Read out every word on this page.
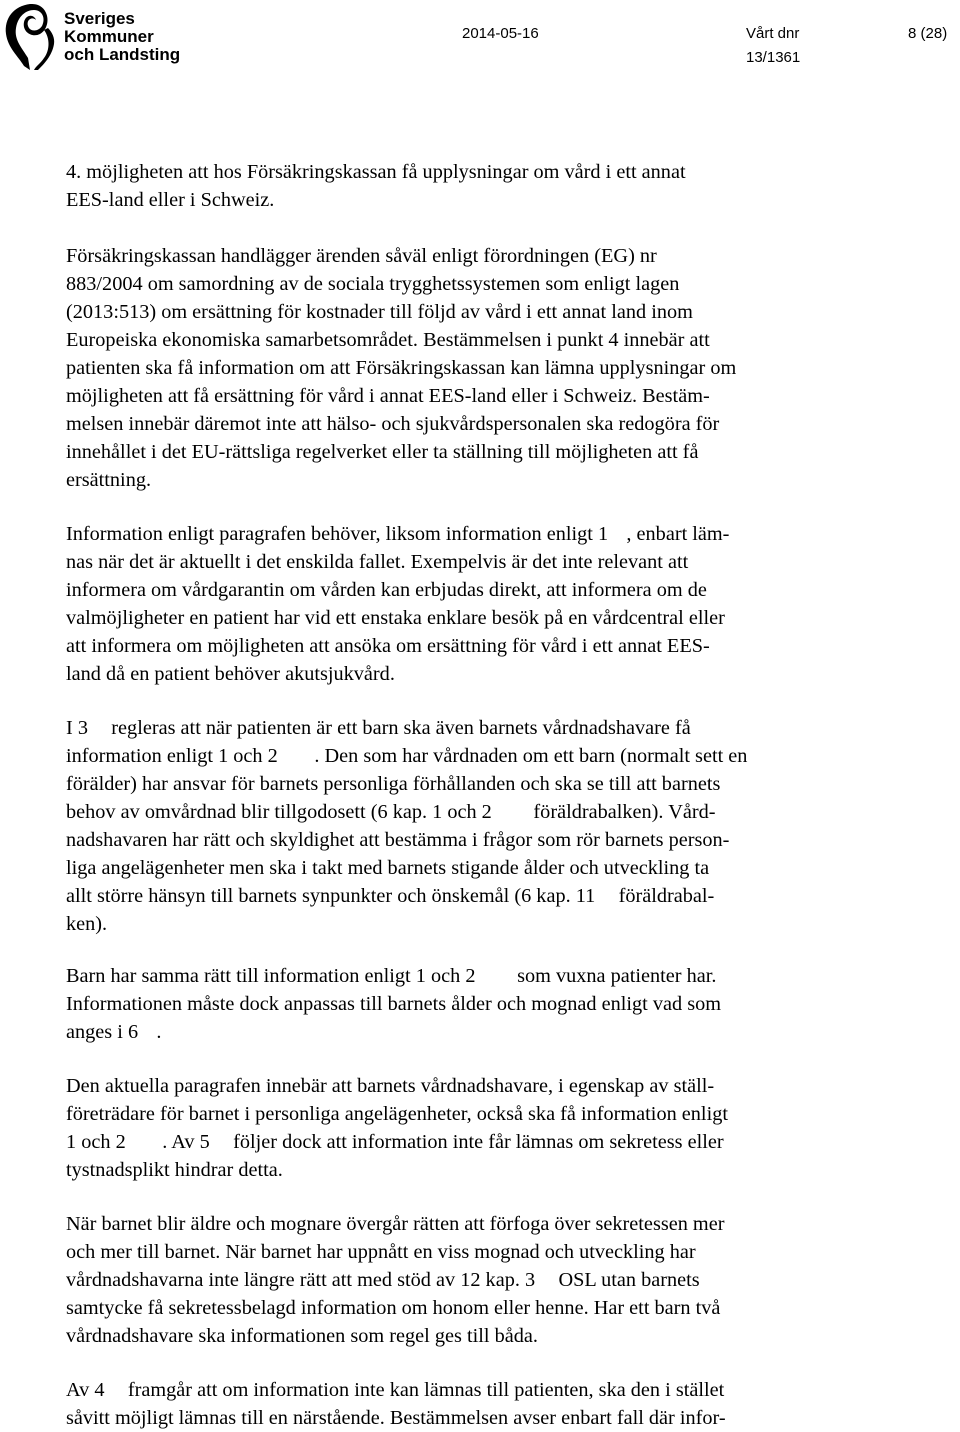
Sveriges
Kommuner
och Landsting
2014-05-16	Vårt dnr
13/1361
8 (28)
4. möjligheten att hos Försäkringskassan få upplysningar om vård i ett annat
EES-land eller i Schweiz.
Försäkringskassan handlägger ärenden såväl enligt förordningen (EG) nr
883/2004 om samordning av de sociala trygghetssystemen som enligt lagen
(2013:513) om ersättning för kostnader till följd av vård i ett annat land inom
Europeiska ekonomiska samarbetsområdet. Bestämmelsen i punkt 4 innebär att
patienten ska få information om att Försäkringskassan kan lämna upplysningar om
möjligheten att få ersättning för vård i annat EES-land eller i Schweiz. Bestäm-
melsen innebär däremot inte att hälso- och sjukvårdspersonalen ska redogöra för
innehållet i det EU-rättsliga regelverket eller ta ställning till möjligheten att få
ersättning.
Information enligt paragrafen behöver, liksom information enligt 1 , enbart läm-
nas när det är aktuellt i det enskilda fallet. Exempelvis är det inte relevant att
informera om vårdgarantin om vården kan erbjudas direkt, att informera om de
valmöjligheter en patient har vid ett enstaka enklare besök på en vårdcentral eller
att informera om möjligheten att ansöka om ersättning för vård i ett annat EES-
land då en patient behöver akutsjukvård.
I 3 regleras att när patienten är ett barn ska även barnets vårdnadshavare få
information enligt 1 och 2 . Den som har vårdnaden om ett barn (normalt sett en
förälder) har ansvar för barnets personliga förhållanden och ska se till att barnets
behov av omvårdnad blir tillgodosett (6 kap. 1 och 2 föräldrabalken). Vård-
nadshavaren har rätt och skyldighet att bestämma i frågor som rör barnets person-
liga angelägenheter men ska i takt med barnets stigande ålder och utveckling ta
allt större hänsyn till barnets synpunkter och önskemål (6 kap. 11 föräldrabal-
ken).
Barn har samma rätt till information enligt 1 och 2 som vuxna patienter har.
Informationen måste dock anpassas till barnets ålder och mognad enligt vad som
anges i 6 .
Den aktuella paragrafen innebär att barnets vårdnadshavare, i egenskap av ställ-
företrädare för barnet i personliga angelägenheter, också ska få information enligt
1 och 2 . Av 5 följer dock att information inte får lämnas om sekretess eller
tystnadsplikt hindrar detta.
När barnet blir äldre och mognare övergår rätten att förfoga över sekretessen mer
och mer till barnet. När barnet har uppnått en viss mognad och utveckling har
vårdnadshavarna inte längre rätt att med stöd av 12 kap. 3 OSL utan barnets
samtycke få sekretessbelagd information om honom eller henne. Har ett barn två
vårdnadshavare ska informationen som regel ges till båda.
Av 4 framgår att om information inte kan lämnas till patienten, ska den i stället
såvitt möjligt lämnas till en närstående. Bestämmelsen avser enbart fall där infor-
